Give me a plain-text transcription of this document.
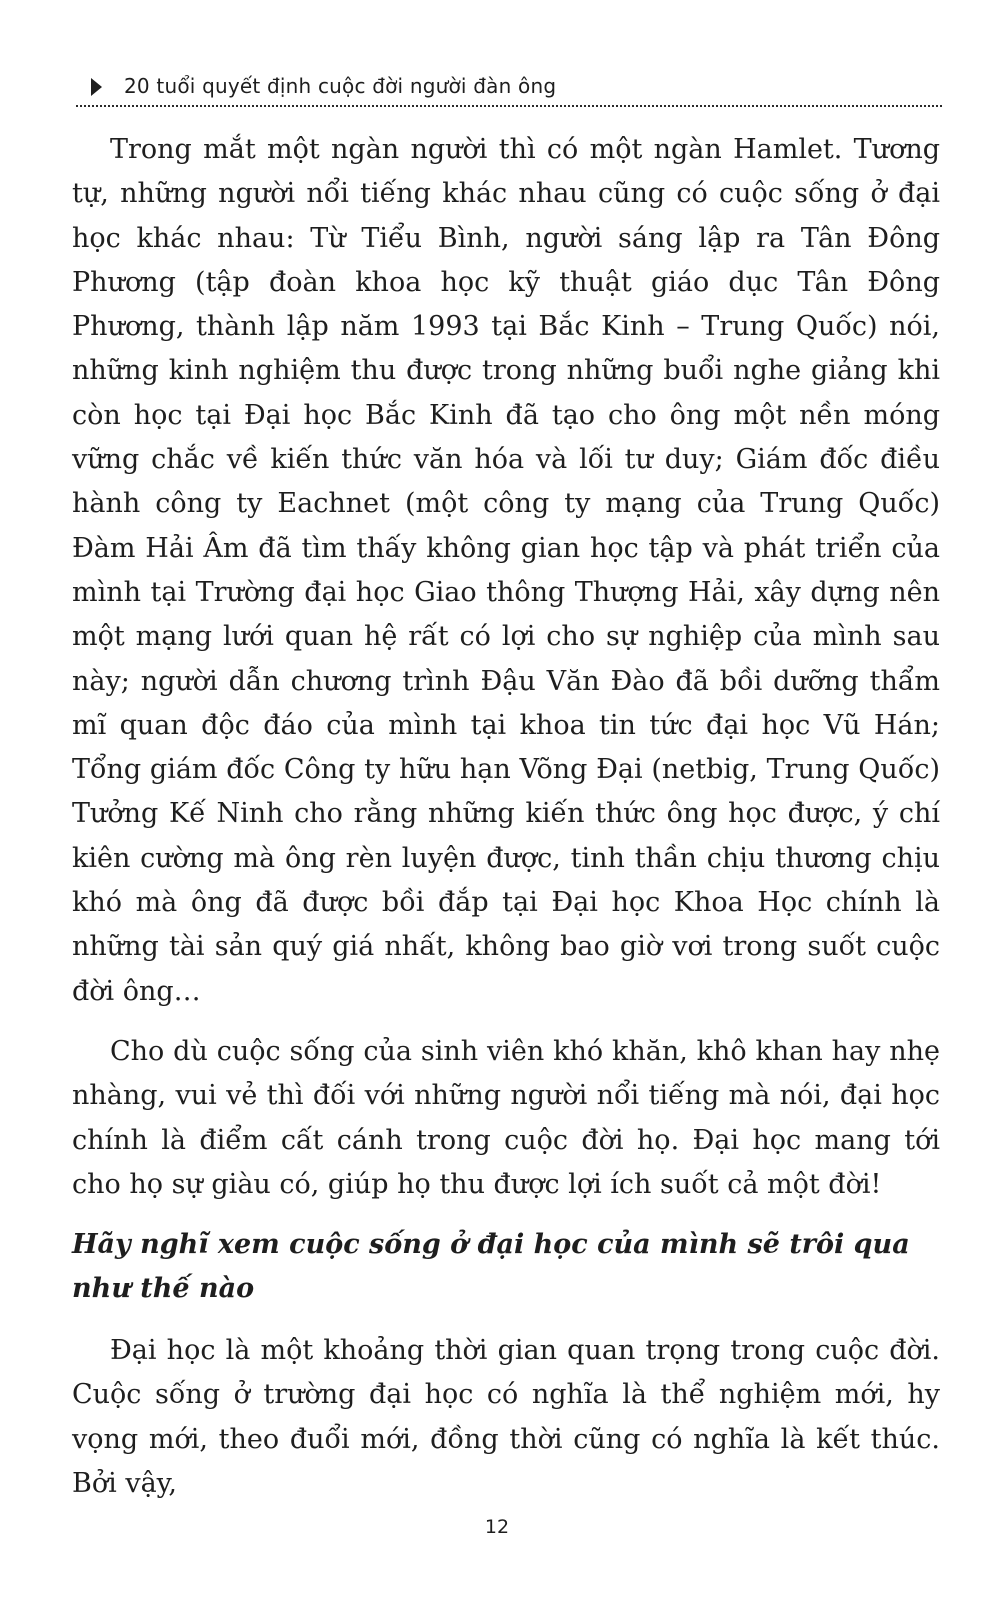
20 tuổi quyết định cuộc đời người đàn ông

Trong mắt một ngàn người thì có một ngàn Hamlet. Tương tự, những người nổi tiếng khác nhau cũng có cuộc sống ở đại học khác nhau: Từ Tiểu Bình, người sáng lập ra Tân Đông Phương (tập đoàn khoa học kỹ thuật giáo dục Tân Đông Phương, thành lập năm 1993 tại Bắc Kinh – Trung Quốc) nói, những kinh nghiệm thu được trong những buổi nghe giảng khi còn học tại Đại học Bắc Kinh đã tạo cho ông một nền móng vững chắc về kiến thức văn hóa và lối tư duy; Giám đốc điều hành công ty Eachnet (một công ty mạng của Trung Quốc) Đàm Hải Âm đã tìm thấy không gian học tập và phát triển của mình tại Trường đại học Giao thông Thượng Hải, xây dựng nên một mạng lưới quan hệ rất có lợi cho sự nghiệp của mình sau này; người dẫn chương trình Đậu Văn Đào đã bồi dưỡng thẩm mĩ quan độc đáo của mình tại khoa tin tức đại học Vũ Hán; Tổng giám đốc Công ty hữu hạn Võng Đại (netbig, Trung Quốc) Tưởng Kế Ninh cho rằng những kiến thức ông học được, ý chí kiên cường mà ông rèn luyện được, tinh thần chịu thương chịu khó mà ông đã được bồi đắp tại Đại học Khoa Học chính là những tài sản quý giá nhất, không bao giờ vơi trong suốt cuộc đời ông…

Cho dù cuộc sống của sinh viên khó khăn, khô khan hay nhẹ nhàng, vui vẻ thì đối với những người nổi tiếng mà nói, đại học chính là điểm cất cánh trong cuộc đời họ. Đại học mang tới cho họ sự giàu có, giúp họ thu được lợi ích suốt cả một đời!

Hãy nghĩ xem cuộc sống ở đại học của mình sẽ trôi qua như thế nào

Đại học là một khoảng thời gian quan trọng trong cuộc đời. Cuộc sống ở trường đại học có nghĩa là thể nghiệm mới, hy vọng mới, theo đuổi mới, đồng thời cũng có nghĩa là kết thúc. Bởi vậy,

12
